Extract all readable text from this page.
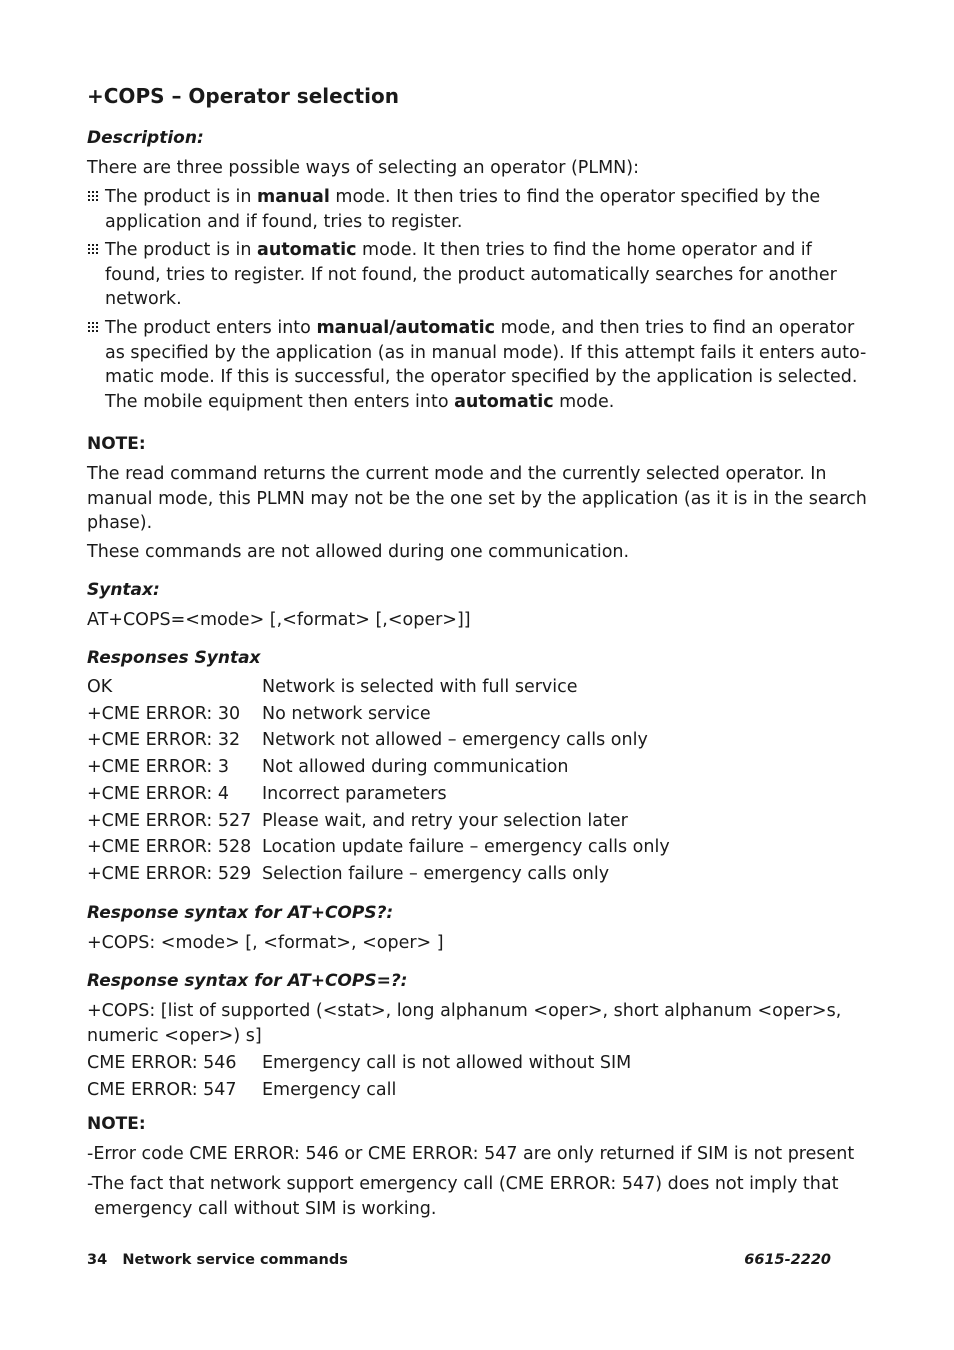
+COPS – Operator selection
Description:
There are three possible ways of selecting an operator (PLMN):
The product is in manual mode. It then tries to find the operator specified by the
application and if found, tries to register.
The product is in automatic mode. It then tries to find the home operator and if
found, tries to register. If not found, the product automatically searches for another
network.
The product enters into manual/automatic mode, and then tries to find an operator
as specified by the application (as in manual mode). If this attempt fails it enters auto-
matic mode. If this is successful, the operator specified by the application is selected.
The mobile equipment then enters into automatic mode.
NOTE:
The read command returns the current mode and the currently selected operator. In
manual mode, this PLMN may not be the one set by the application (as it is in the search
phase).
These commands are not allowed during one communication.
Syntax:
AT+COPS=<mode> [,<format> [,<oper>]]
Responses Syntax
OK	Network is selected with full service
+CME ERROR: 30 No network service
+CME ERROR: 32 Network not allowed – emergency calls only
+CME ERROR: 3 Not allowed during communication
+CME ERROR: 4 Incorrect parameters
+CME ERROR: 527 Please wait, and retry your selection later
+CME ERROR: 528 Location update failure – emergency calls only
+CME ERROR: 529 Selection failure – emergency calls only
Response syntax for AT+COPS?:
+COPS: <mode> [, <format>, <oper> ]
Response syntax for AT+COPS=?:
+COPS: [list of supported (<stat>, long alphanum <oper>, short alphanum <oper>s,
numeric <oper>) s]
CME ERROR: 546 Emergency call is not allowed without SIM
CME ERROR: 547 Emergency call
NOTE:
-Error code CME ERROR: 546 or CME ERROR: 547 are only returned if SIM is not present
-The fact that network support emergency call (CME ERROR: 547) does not imply that
emergency call without SIM is working.
34 Network service commands	6615-2220
